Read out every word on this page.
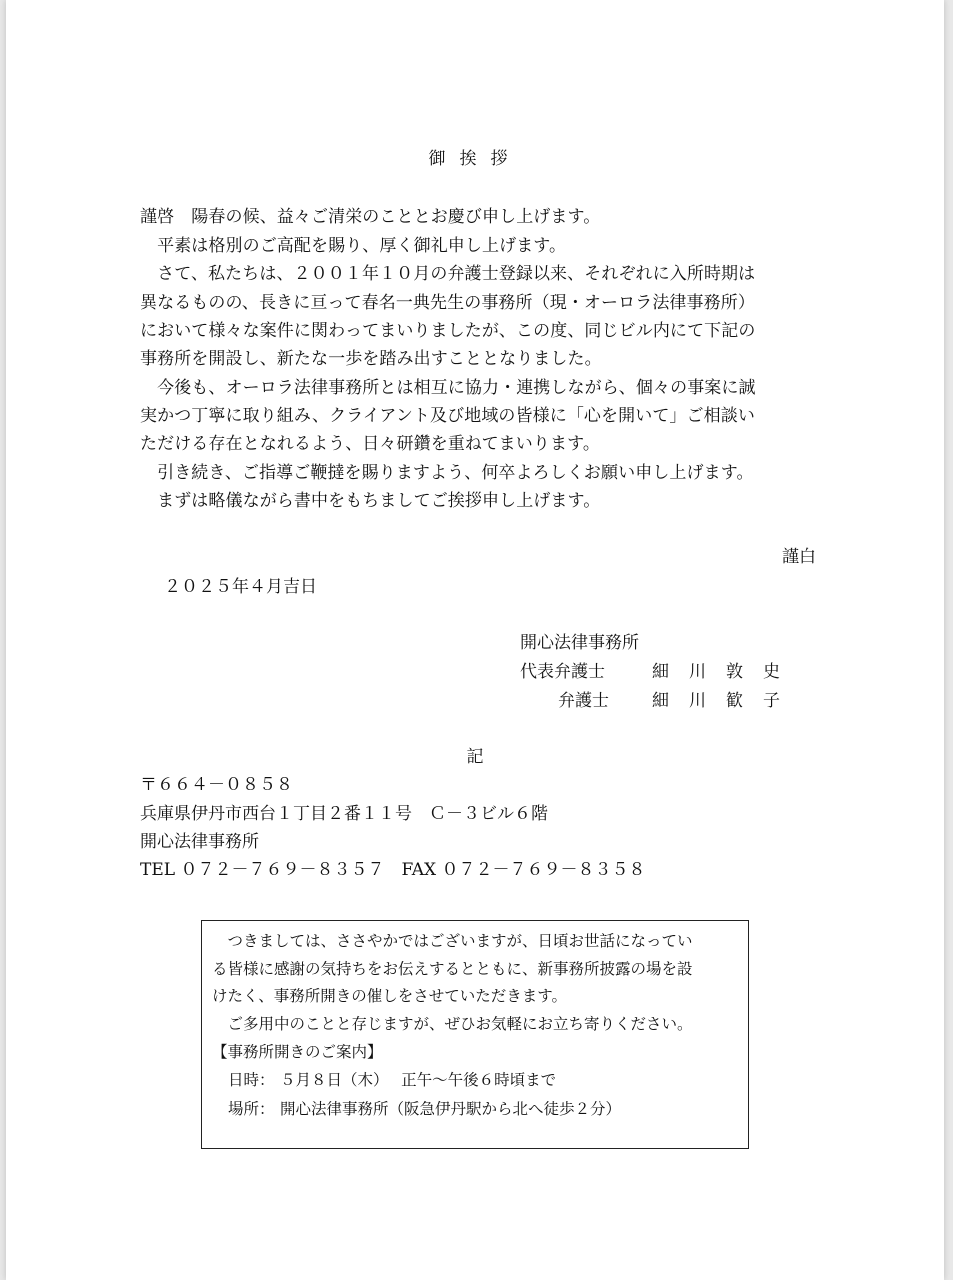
御挨拶
謹啓　陽春の候、益々ご清栄のこととお慶び申し上げます。
　平素は格別のご高配を賜り、厚く御礼申し上げます。
　さて、私たちは、２００１年１０月の弁護士登録以来、それぞれに入所時期は
異なるものの、長きに亘って春名一典先生の事務所（現・オーロラ法律事務所）
において様々な案件に関わってまいりましたが、この度、同じビル内にて下記の
事務所を開設し、新たな一歩を踏み出すこととなりました。
　今後も、オーロラ法律事務所とは相互に協力・連携しながら、個々の事案に誠
実かつ丁寧に取り組み、クライアント及び地域の皆様に「心を開いて」ご相談い
ただける存在となれるよう、日々研鑽を重ねてまいります。
　引き続き、ご指導ご鞭撻を賜りますよう、何卒よろしくお願い申し上げます。
　まずは略儀ながら書中をもちましてご挨拶申し上げます。
謹白
２０２５年４月吉日
開心法律事務所
代表弁護士	細川敦史
弁護士	細川歓子
記
〒６６４－０８５８
兵庫県伊丹市西台１丁目２番１１号　Ｃ－３ビル６階
開心法律事務所
TEL ０７２－７６９－８３５７　FAX ０７２－７６９－８３５８
　つきましては、ささやかではございますが、日頃お世話になってい
る皆様に感謝の気持ちをお伝えするとともに、新事務所披露の場を設
けたく、事務所開きの催しをさせていただきます。
　ご多用中のことと存じますが、ぜひお気軽にお立ち寄りください。
【事務所開きのご案内】
日時： ５月８日（木）　 正午～午後６時頃まで
場所： 開心法律事務所（阪急伊丹駅から北へ徒歩２分）
